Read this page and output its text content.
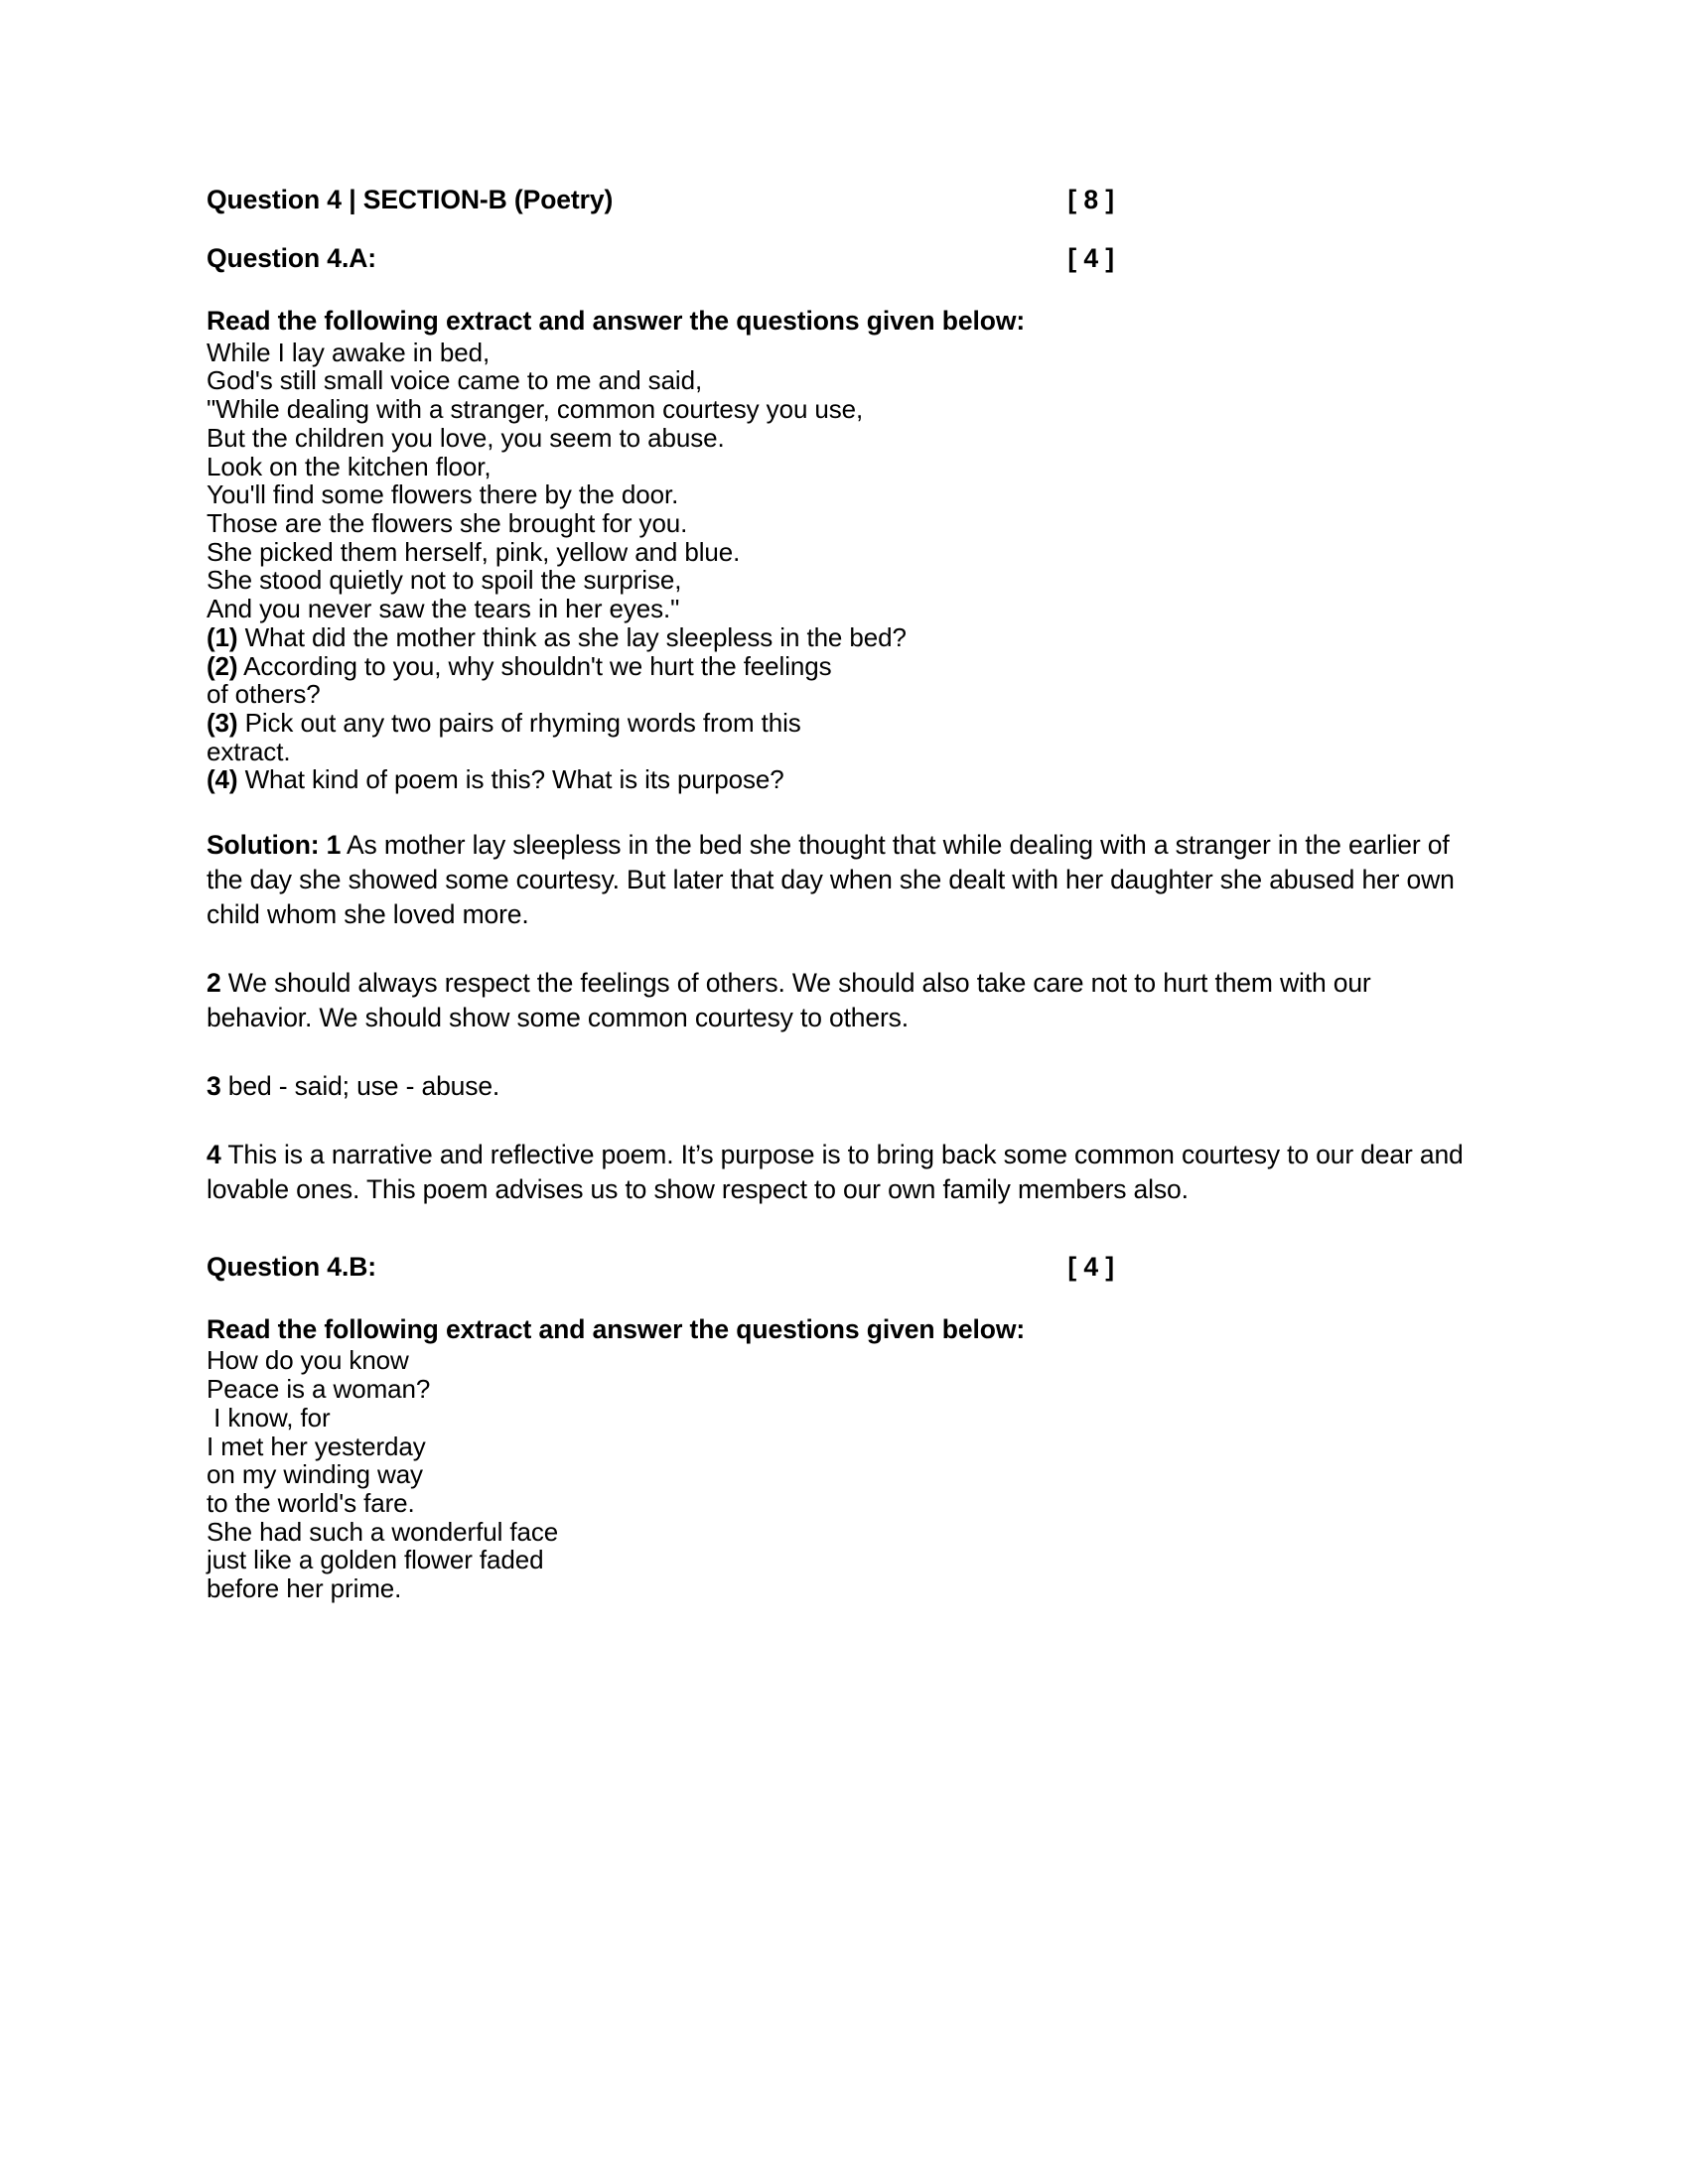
Question 4 | SECTION-B (Poetry)	[ 8 ]
Question 4.A:	[ 4 ]

Read the following extract and answer the questions given below:

While I lay awake in bed,
God's still small voice came to me and said,
"While dealing with a stranger, common courtesy you use,
But the children you love, you seem to abuse.
Look on the kitchen floor,
You'll find some flowers there by the door.
Those are the flowers she brought for you.
She picked them herself, pink, yellow and blue.
She stood quietly not to spoil the surprise,
And you never saw the tears in her eyes."
(1) What did the mother think as she lay sleepless in the bed?
(2) According to you, why shouldn't we hurt the feelings
of others?
(3) Pick out any two pairs of rhyming words from this
extract.
(4) What kind of poem is this? What is its purpose?

Solution: 1 As mother lay sleepless in the bed she thought that while dealing with a stranger in the earlier of the day she showed some courtesy. But later that day when she dealt with her daughter she abused her own child whom she loved more.

2 We should always respect the feelings of others. We should also take care not to hurt them with our behavior. We should show some common courtesy to others.

3 bed - said; use - abuse.

4 This is a narrative and reflective poem. It’s purpose is to bring back some common courtesy to our dear and lovable ones. This poem advises us to show respect to our own family members also.

Question 4.B:	[ 4 ]

Read the following extract and answer the questions given below:

How do you know
Peace is a woman?
I know, for
I met her yesterday
on my winding way
to the world's fare.
She had such a wonderful face
just like a golden flower faded
before her prime.
